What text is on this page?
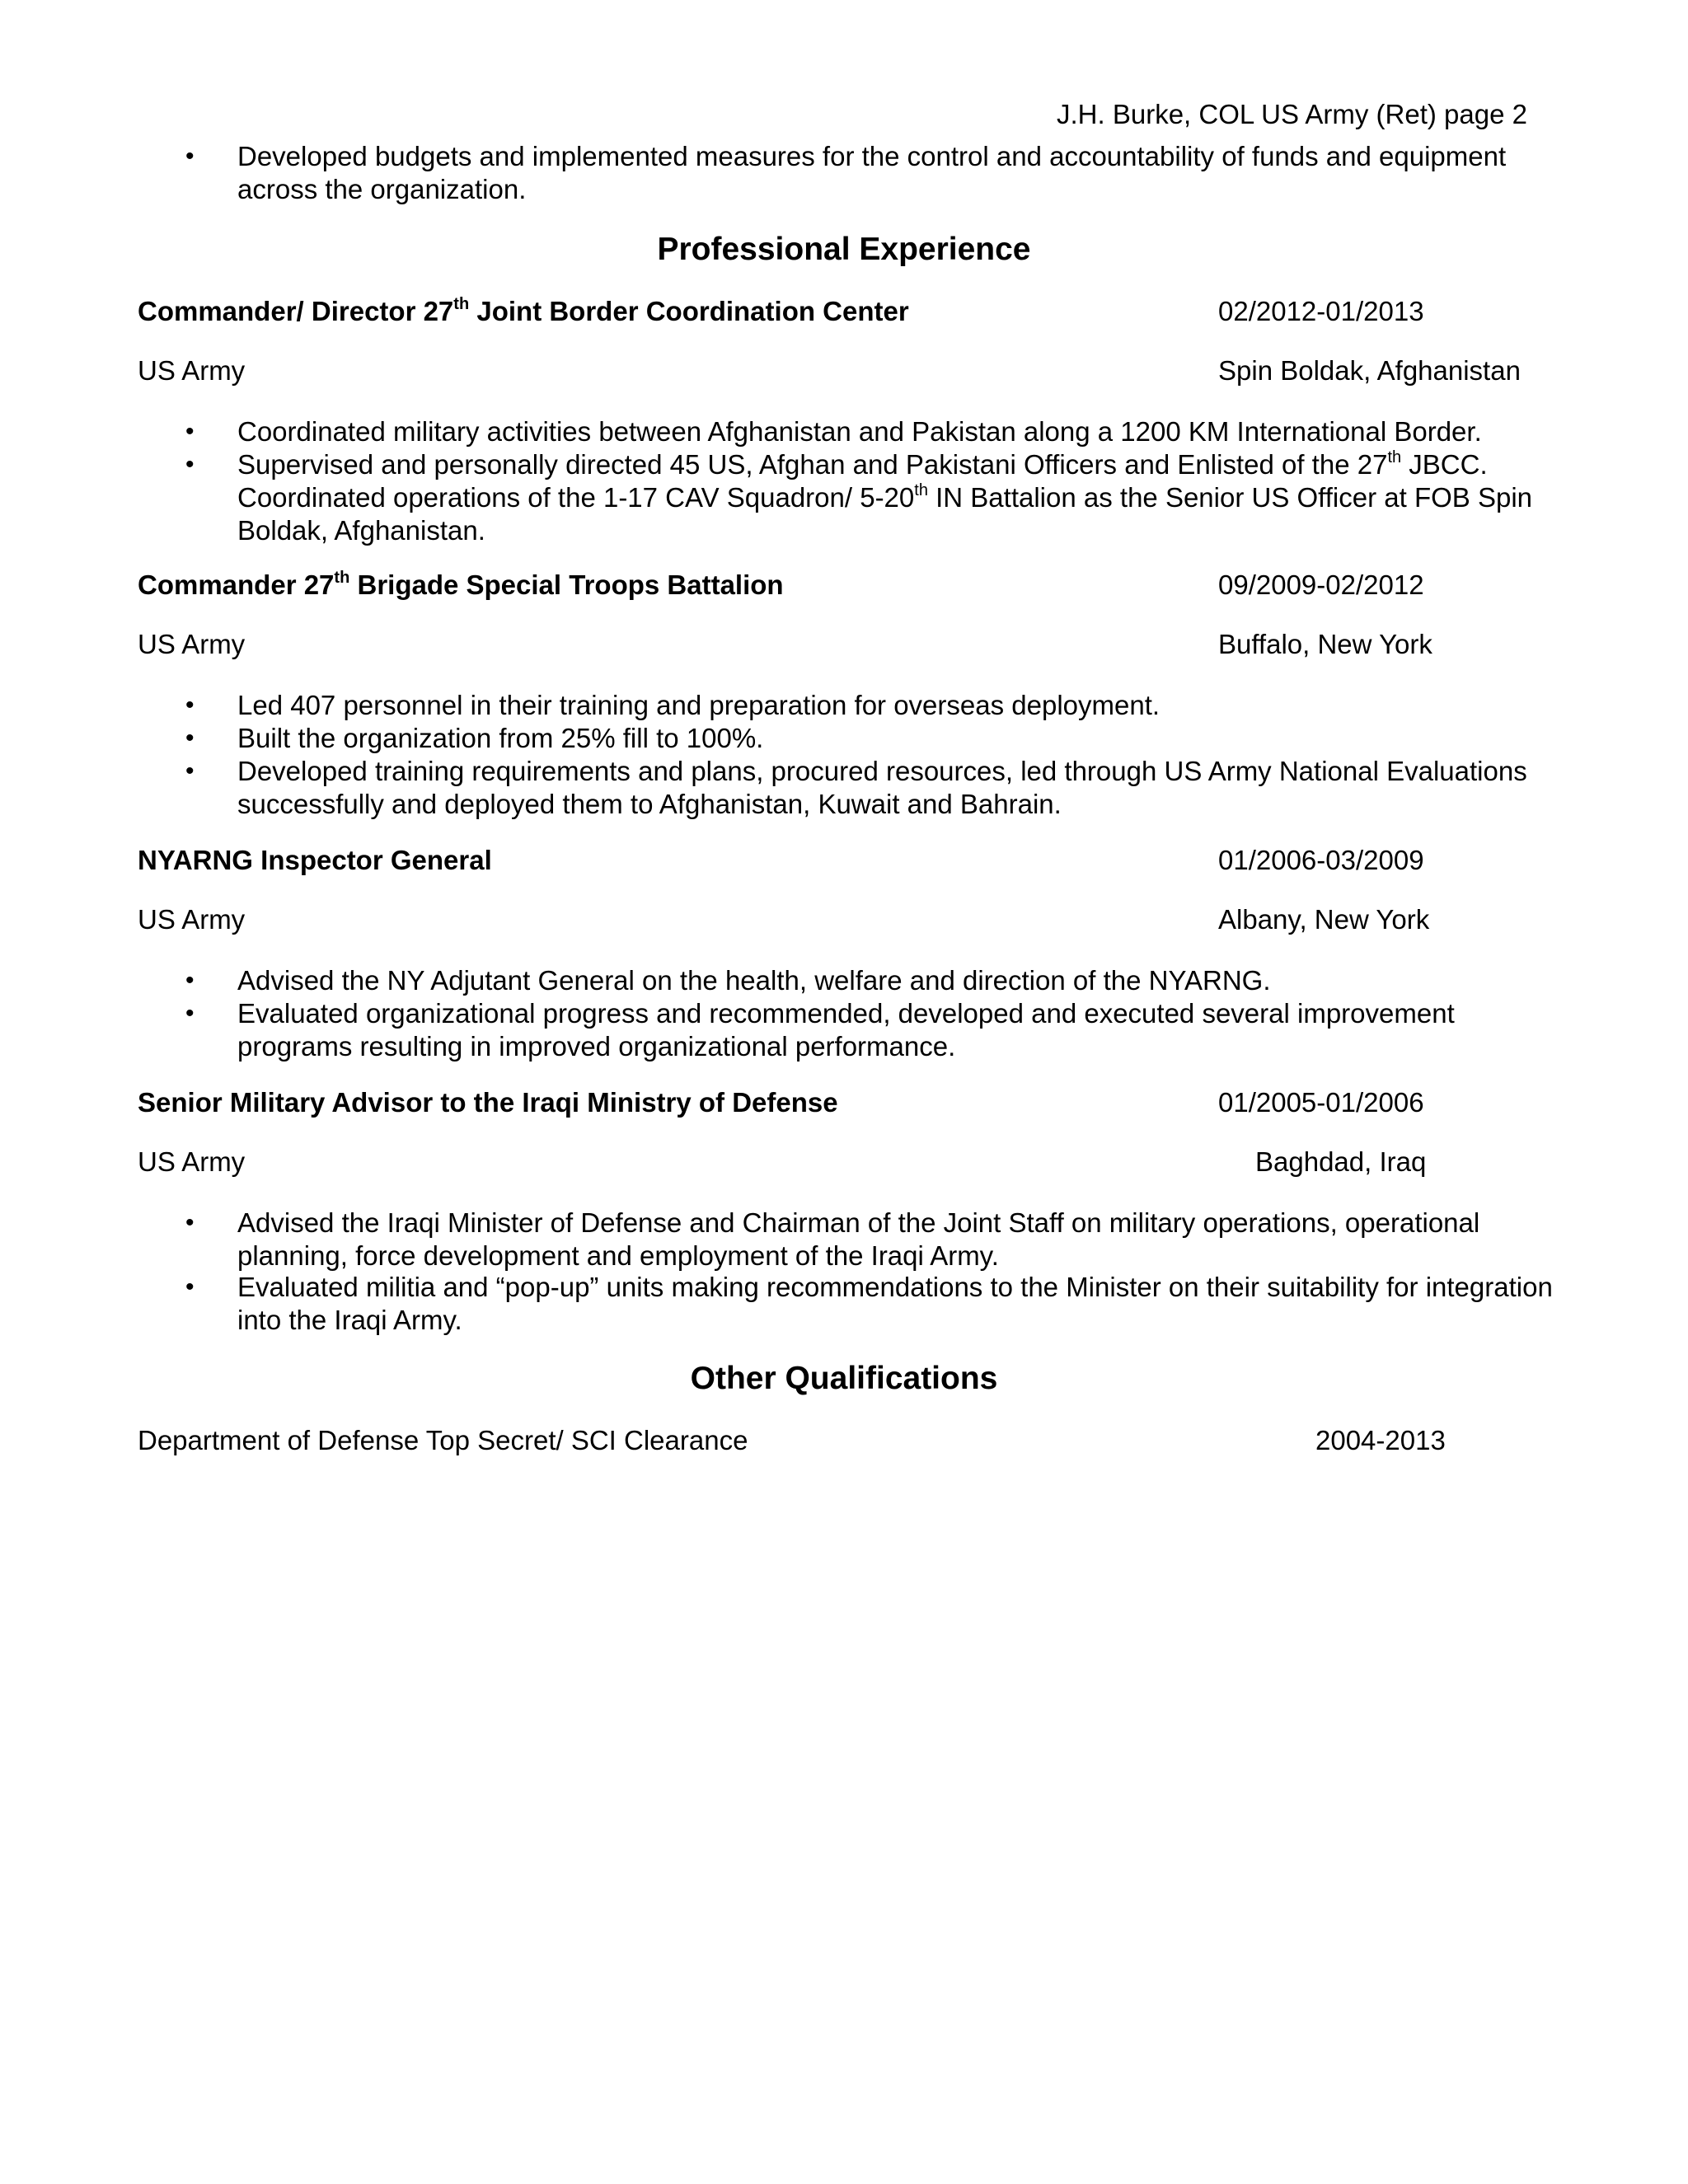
J.H. Burke, COL US Army (Ret) page 2
• Developed budgets and implemented measures for the control and accountability of funds and equipment across the organization.
Professional Experience
Commander/ Director 27th Joint Border Coordination Center	02/2012-01/2013
US Army	Spin Boldak, Afghanistan
• Coordinated military activities between Afghanistan and Pakistan along a 1200 KM International Border.
• Supervised and personally directed 45 US, Afghan and Pakistani Officers and Enlisted of the 27th JBCC. Coordinated operations of the 1-17 CAV Squadron/ 5-20th IN Battalion as the Senior US Officer at FOB Spin Boldak, Afghanistan.
Commander 27th Brigade Special Troops Battalion	09/2009-02/2012
US Army	Buffalo, New York
• Led 407 personnel in their training and preparation for overseas deployment.
• Built the organization from 25% fill to 100%.
• Developed training requirements and plans, procured resources, led through US Army National Evaluations successfully and deployed them to Afghanistan, Kuwait and Bahrain.
NYARNG Inspector General	01/2006-03/2009
US Army	Albany, New York
• Advised the NY Adjutant General on the health, welfare and direction of the NYARNG.
• Evaluated organizational progress and recommended, developed and executed several improvement programs resulting in improved organizational performance.
Senior Military Advisor to the Iraqi Ministry of Defense	01/2005-01/2006
US Army	Baghdad, Iraq
• Advised the Iraqi Minister of Defense and Chairman of the Joint Staff on military operations, operational planning, force development and employment of the Iraqi Army.
• Evaluated militia and “pop-up” units making recommendations to the Minister on their suitability for integration into the Iraqi Army.
Other Qualifications
Department of Defense Top Secret/ SCI Clearance	2004-2013
